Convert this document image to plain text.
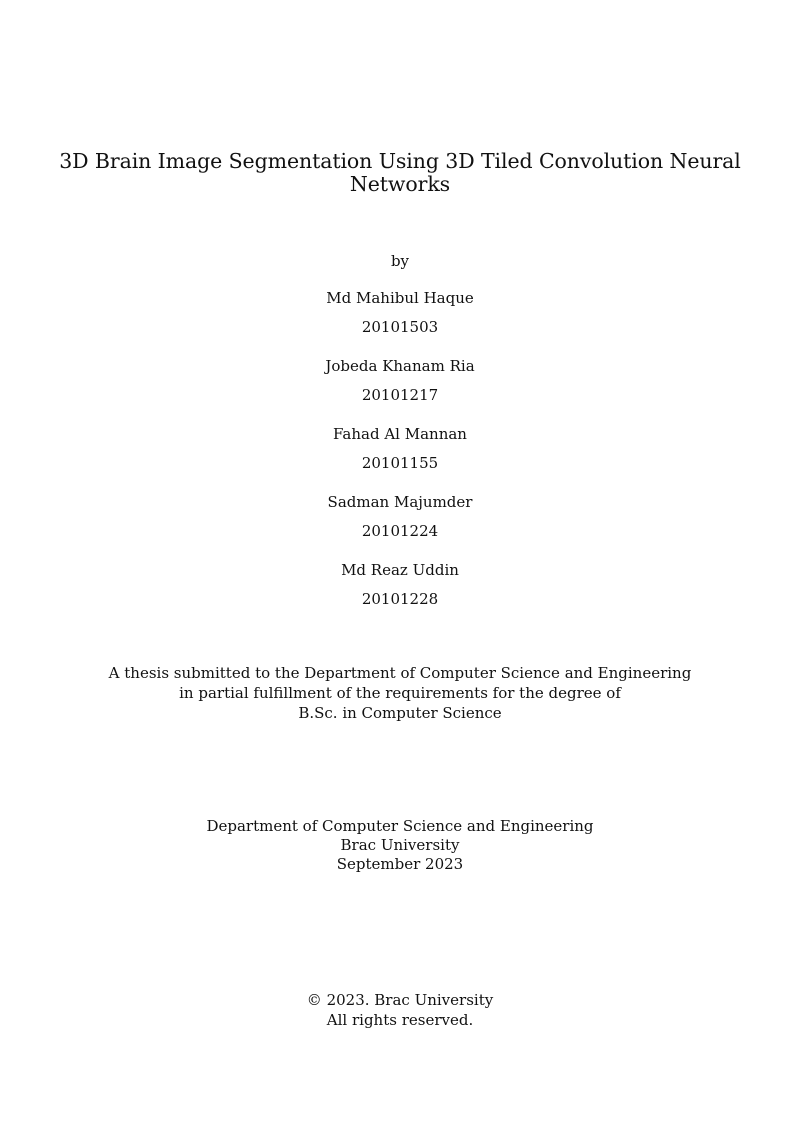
3D Brain Image Segmentation Using 3D Tiled Convolution Neural
Networks
by
Md Mahibul Haque
20101503
Jobeda Khanam Ria
20101217
Fahad Al Mannan
20101155
Sadman Majumder
20101224
Md Reaz Uddin
20101228
A thesis submitted to the Department of Computer Science and Engineering
in partial fulfillment of the requirements for the degree of
B.Sc. in Computer Science
Department of Computer Science and Engineering
Brac University
September 2023
© 2023. Brac University
All rights reserved.
